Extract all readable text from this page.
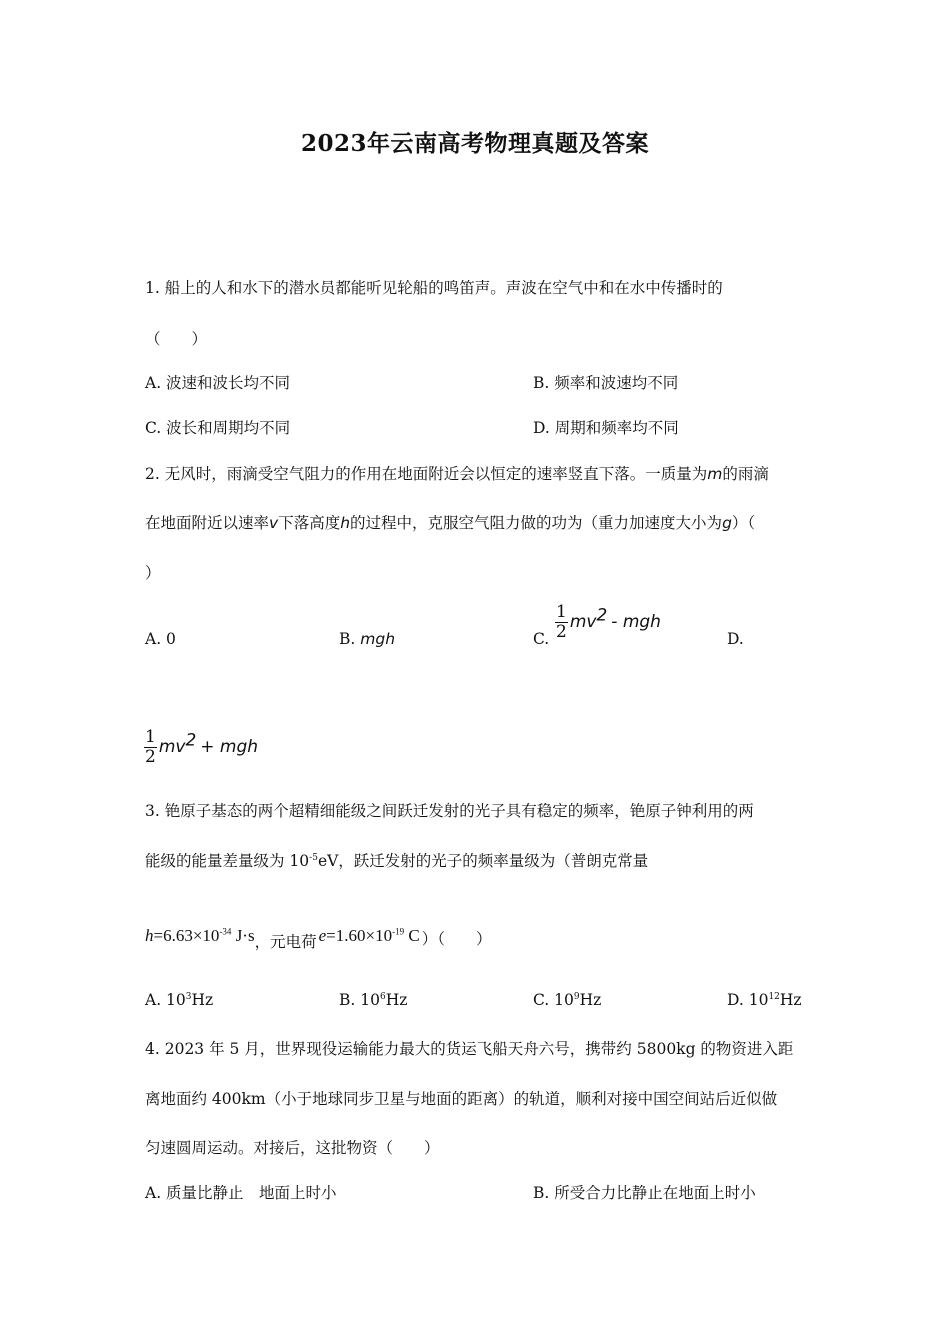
2023年云南高考物理真题及答案
1. 船上的人和水下的潜水员都能听见轮船的鸣笛声。声波在空气中和在水中传播时的
（　　）
A. 波速和波长均不同	B. 频率和波速均不同
C. 波长和周期均不同	D. 周期和频率均不同
2. 无风时，雨滴受空气阻力的作用在地面附近会以恒定的速率竖直下落。一质量为m的雨滴
在地面附近以速率v下落高度h的过程中，克服空气阻力做的功为（重力加速度大小为g）（
）
A. 0	B. mgh	C. $\frac{1}{2} mv^2$ - mgh
D.
$\frac{1}{2} mv^2$ + mgh
3. 铯原子基态的两个超精细能级之间跃迁发射的光子具有稳定的频率，铯原子钟利用的两
能级的能量差量级为 $10^{-5}eV$，跃迁发射的光子的频率量级为（普朗克常量
$h=6.63\times 10^{-34}$ J·s，元电荷 $e=1.60\times 10^{-19}$ C ）（　　）
A. $10^3Hz$	B. $10^6Hz$	C. $10^9Hz$	D. $10^{12}Hz$
4. 2023 年 5 月，世界现役运输能力最大的货运飞船天舟六号，携带约 5800kg 的物资进入距
离地面约 400km（小于地球同步卫星与地面的距离）的轨道，顺利对接中国空间站后近似做
匀速圆周运动。对接后，这批物资（　　）
A. 质量比静止　地面上时小	B. 所受合力比静止在地面上时小
